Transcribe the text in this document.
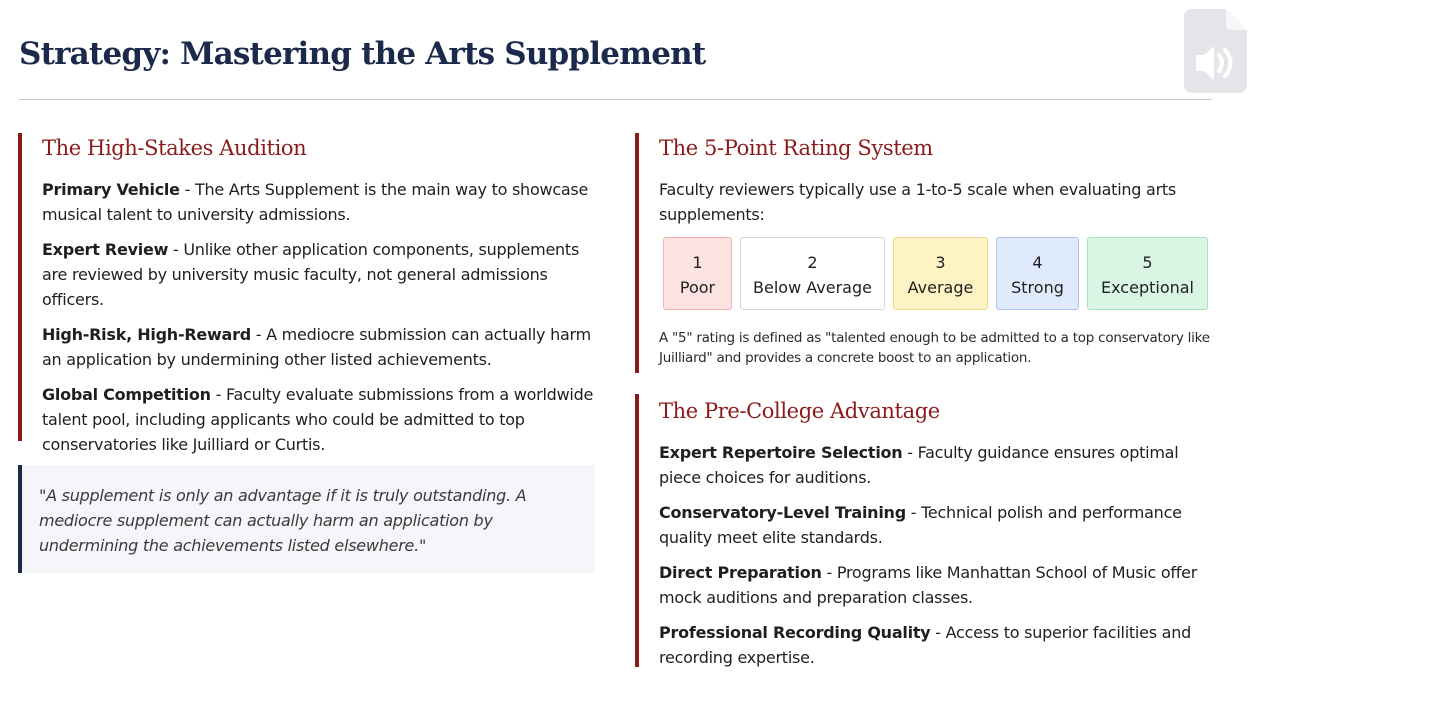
Strategy: Mastering the Arts Supplement
The High-Stakes Audition

Primary Vehicle - The Arts Supplement is the main way to showcase musical talent to university admissions.

Expert Review - Unlike other application components, supplements are reviewed by university music faculty, not general admissions officers.

High-Risk, High-Reward - A mediocre submission can actually harm an application by undermining other listed achievements.

Global Competition - Faculty evaluate submissions from a worldwide talent pool, including applicants who could be admitted to top conservatories like Juilliard or Curtis.

"A supplement is only an advantage if it is truly outstanding. A mediocre supplement can actually harm an application by undermining the achievements listed elsewhere."

The 5-Point Rating System

Faculty reviewers typically use a 1-to-5 scale when evaluating arts supplements:

1
Poor
2
Below Average
3
Average
4
Strong
5
Exceptional

A "5" rating is defined as "talented enough to be admitted to a top conservatory like Juilliard" and provides a concrete boost to an application.

The Pre-College Advantage

Expert Repertoire Selection - Faculty guidance ensures optimal piece choices for auditions.

Conservatory-Level Training - Technical polish and performance quality meet elite standards.

Direct Preparation - Programs like Manhattan School of Music offer mock auditions and preparation classes.

Professional Recording Quality - Access to superior facilities and recording expertise.
